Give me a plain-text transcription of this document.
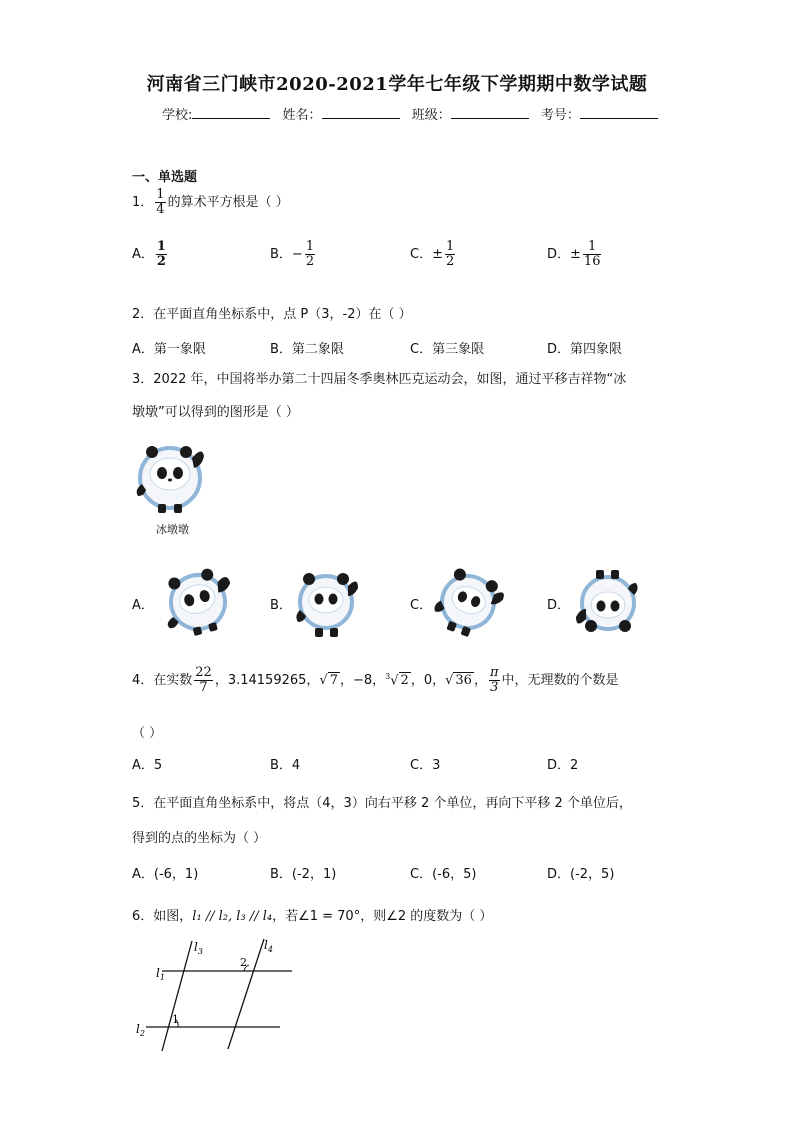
河南省三门峡市2020-2021学年七年级下学期期中数学试题
学校:	姓名：	班级：	考号：
一、单选题
1． $\frac{1}{4}$ 的算术平方根是（ ）
A． $\frac{1}{2}$	B．− $\frac{1}{2}$	C．± $\frac{1}{2}$	D．± $\frac{1}{16}$
2．在平面直角坐标系中，点 P（3，-2）在（ ）
A．第一象限	B．第二象限	C．第三象限	D．第四象限
3．2022 年，中国将举办第二十四届冬季奥林匹克运动会，如图，通过平移吉祥物“冰
墩墩”可以得到的图形是（ ）
冰墩墩
A．	B．	C．	D．
4．在实数 $\frac{22}{7}$ ，3.14159265，√ 7 ，−8，$^3$√ 2 ，0，√ 36 ， $\frac{\pi}{3}$ 中，无理数的个数是
（ ）
A．5	B．4	C．3	D．2
5．在平面直角坐标系中，将点（4，3）向右平移 2 个单位，再向下平移 2 个单位后，
得到的点的坐标为（ ）
A．(-6，1)	B．(-2，1)	C．(-6，5)	D．(-2，5)
6．如图，l₁ // l₂, l₃ // l₄，若∠1 = 70°，则∠2 的度数为（ ）
$l_3$	$l_4$
$l_1$
$l_2$
1
2
